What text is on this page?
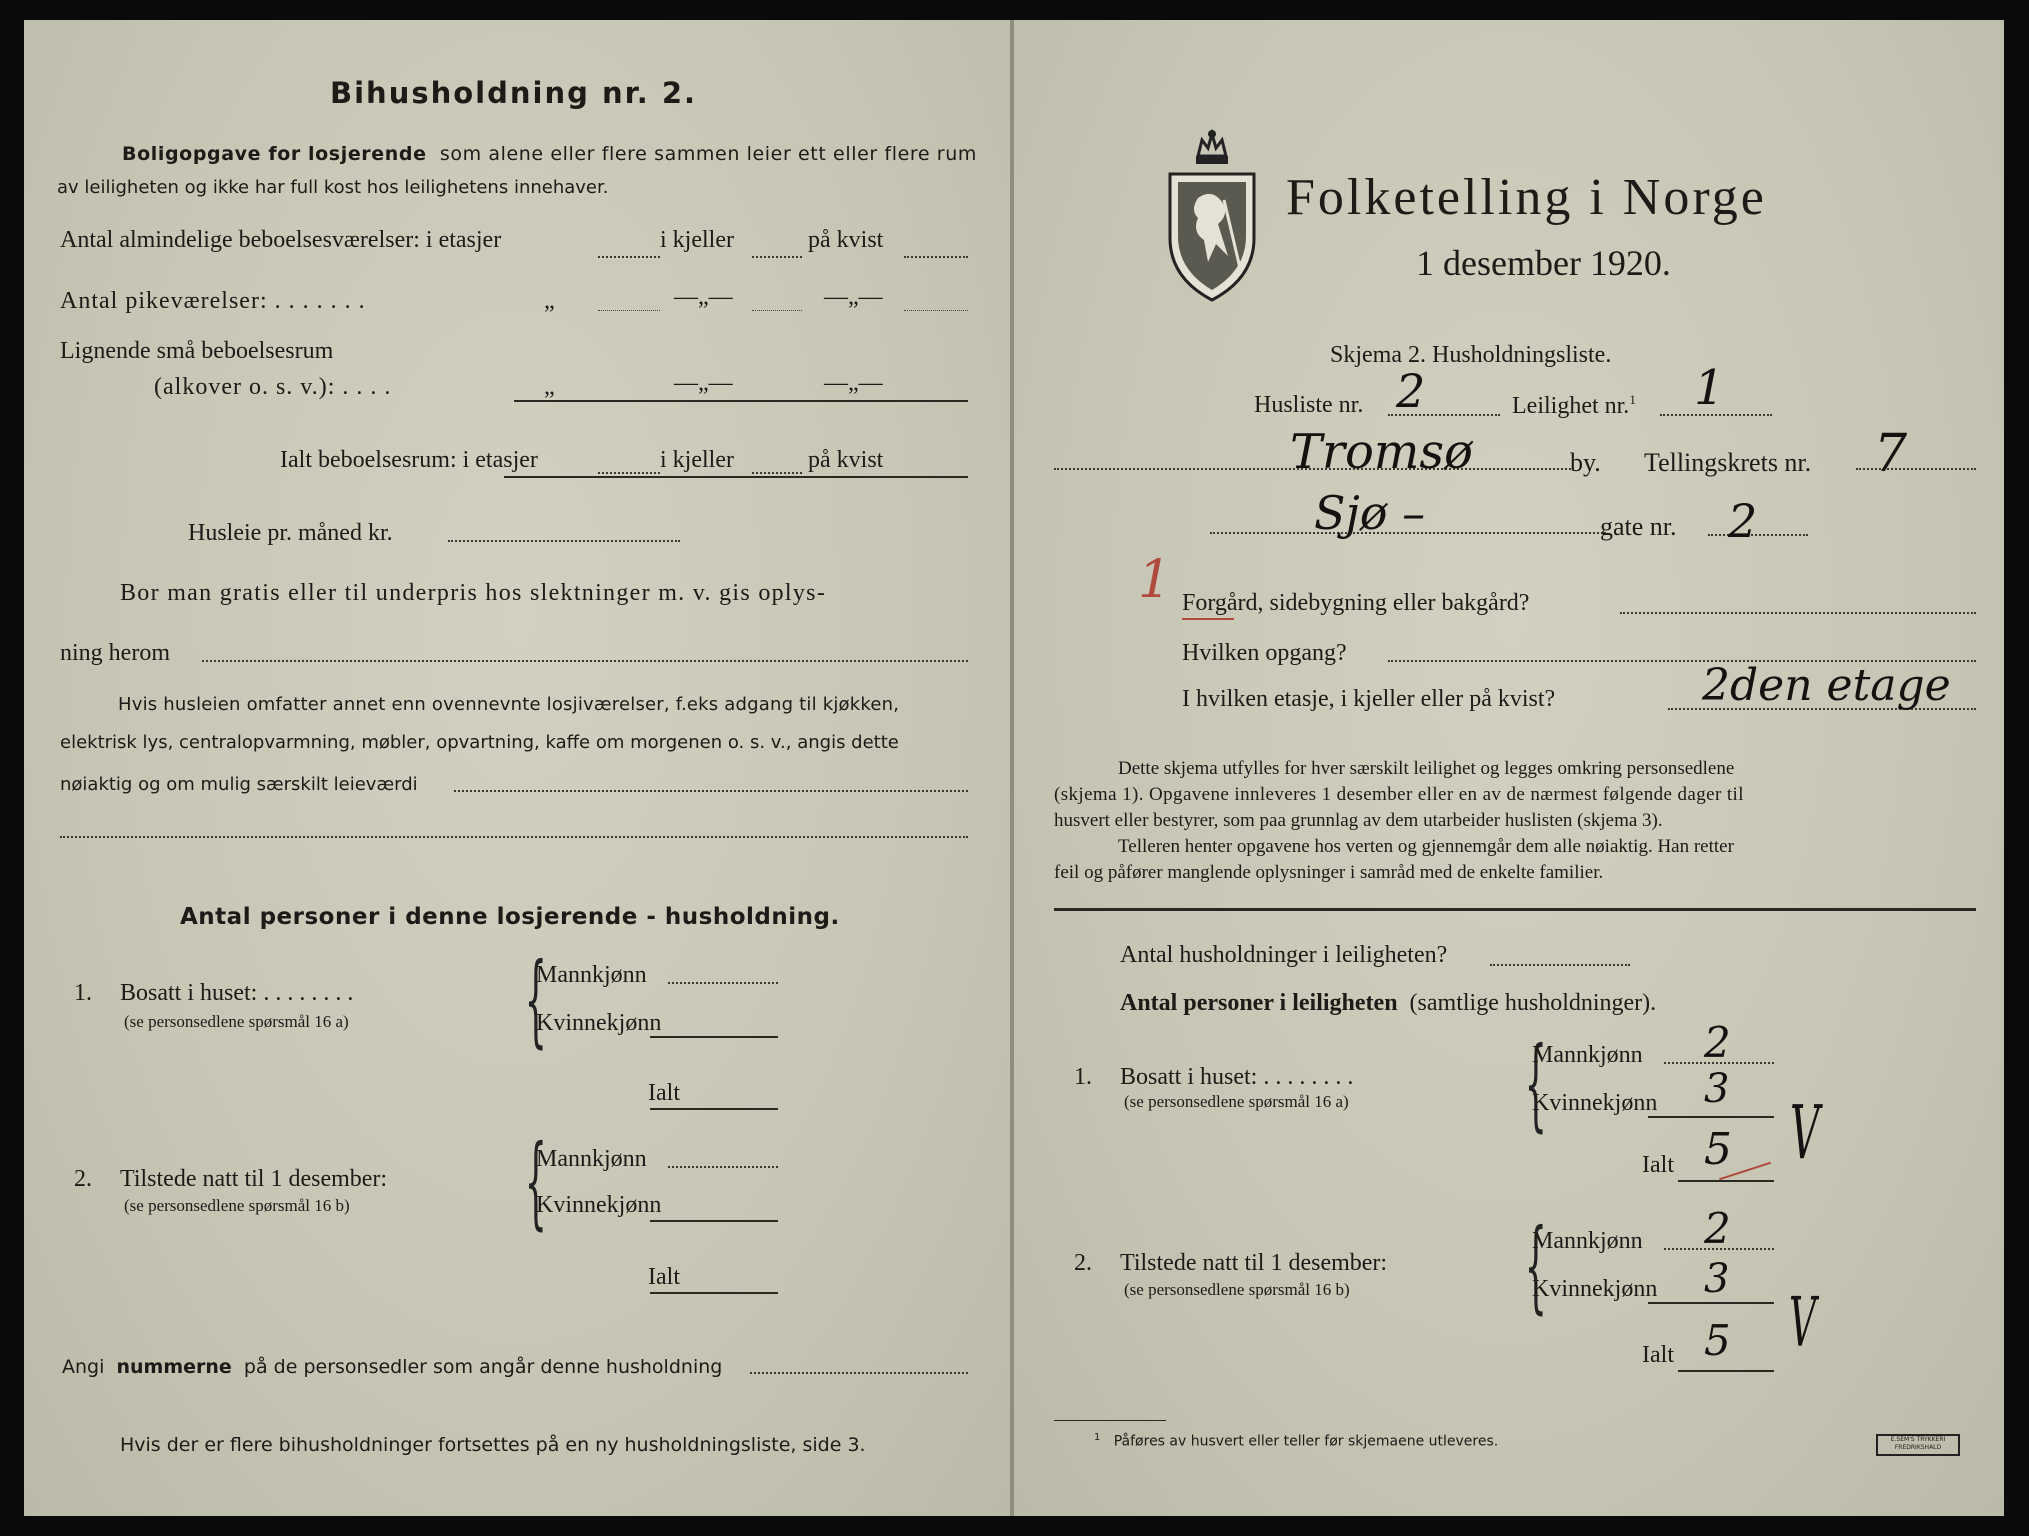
Bihusholdning nr. 2.
Boligopgave for losjerende som alene eller flere sammen leier ett eller flere rum
av leiligheten og ikke har full kost hos leilighetens innehaver.
Antal almindelige beboelsesværelser: i etasjer	i kjeller	på kvist
Antal pikeværelser: . . . . . . .	„	—„—	—„—
Lignende små beboelsesrum
(alkover o. s. v.): . . . .	„	—„—	—„—
Ialt beboelsesrum: i etasjer	i kjeller	på kvist
Husleie pr. måned kr.
Bor man gratis eller til underpris hos slektninger m. v. gis oplys-
ning herom
Hvis husleien omfatter annet enn ovennevnte losjiværelser, f.eks adgang til kjøkken,
elektrisk lys, centralopvarmning, møbler, opvartning, kaffe om morgenen o. s. v., angis dette
nøiaktig og om mulig særskilt leieværdi
Antal personer i denne losjerende - husholdning.
1. Bosatt i huset: . . . . . . . .
(se personsedlene spørsmål 16 a) {
Mannkjønn
Kvinnekjønn
Ialt
2. Tilstede natt til 1 desember:
(se personsedlene spørsmål 16 b) {
Mannkjønn
Kvinnekjønn
Ialt
Angi nummerne på de personsedler som angår denne husholdning
Hvis der er flere bihusholdninger fortsettes på en ny husholdningsliste, side 3.
Folketelling i Norge
1 desember 1920.
Skjema 2. Husholdningsliste.
Husliste nr. 2	Leilighet nr.$^1$ 1
Tromsø	by. Tellingskrets nr. 7
Sjø –	gate nr. 2
1 Forgård, sidebygning eller bakgård?
Hvilken opgang?
I hvilken etasje, i kjeller eller på kvist?	2den etage
Dette skjema utfylles for hver særskilt leilighet og legges omkring personsedlene
(skjema 1). Opgavene innleveres 1 desember eller en av de nærmest følgende dager til
husvert eller bestyrer, som paa grunnlag av dem utarbeider huslisten (skjema 3).
Telleren henter opgavene hos verten og gjennemgår dem alle nøiaktig. Han retter
feil og påfører manglende oplysninger i samråd med de enkelte familier.
Antal husholdninger i leiligheten?
Antal personer i leiligheten (samtlige husholdninger).
1. Bosatt i huset: . . . . . . . .
(se personsedlene spørsmål 16 a) {
Mannkjønn 2
Kvinnekjønn 3
Ialt 5 V
2. Tilstede natt til 1 desember:
(se personsedlene spørsmål 16 b) {
Mannkjønn 2
Kvinnekjønn 3
Ialt 5 V
$^1$ Påføres av husvert eller teller før skjemaene utleveres.	E.SEM'S TRYKKERI FREDRIKSHALD
